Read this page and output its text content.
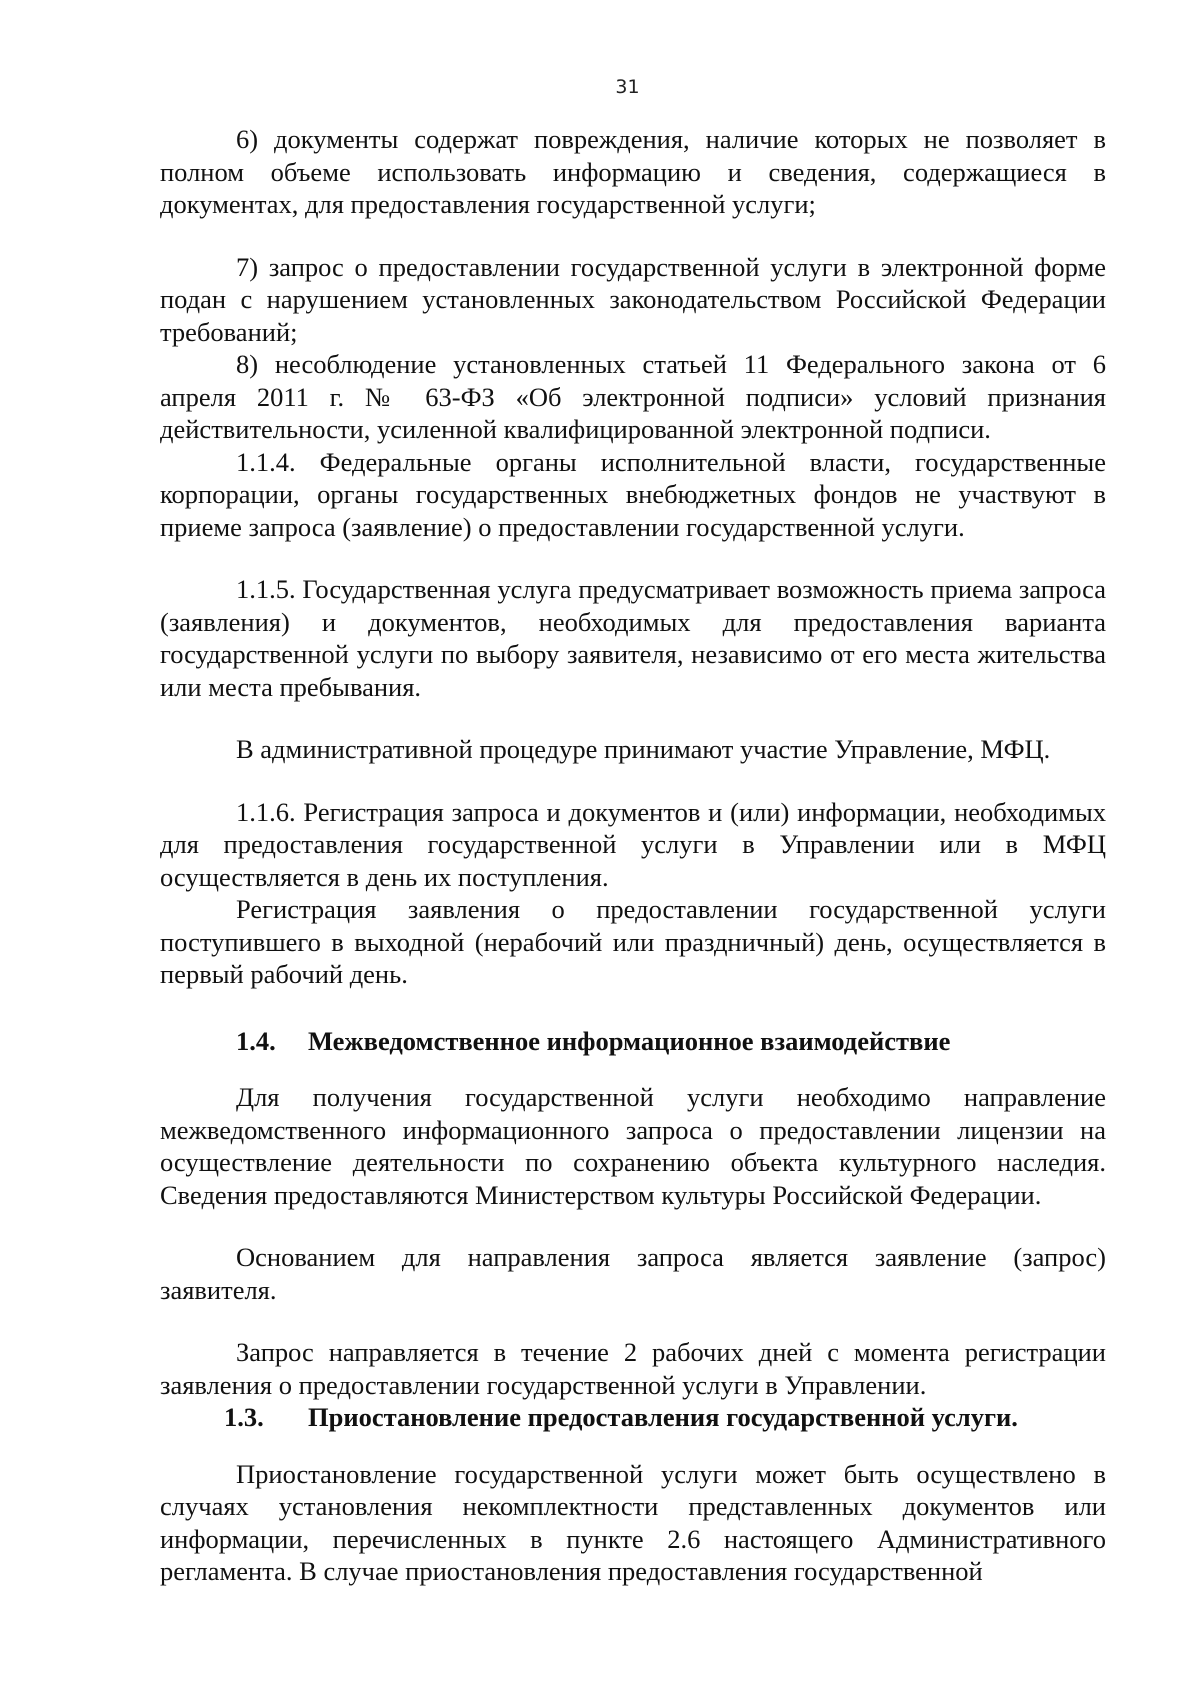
31

6) документы содержат повреждения, наличие которых не позволяет в полном объеме использовать информацию и сведения, содержащиеся в документах, для предоставления государственной услуги;

7) запрос о предоставлении государственной услуги в электронной форме подан с нарушением установленных законодательством Российской Федерации требований;

8) несоблюдение установленных статьей 11 Федерального закона от 6 апреля 2011 г. № 63-ФЗ «Об электронной подписи» условий признания действительности, усиленной квалифицированной электронной подписи.

1.1.4. Федеральные органы исполнительной власти, государственные корпорации, органы государственных внебюджетных фондов не участвуют в приеме запроса (заявление) о предоставлении государственной услуги.

1.1.5. Государственная услуга предусматривает возможность приема запроса (заявления) и документов, необходимых для предоставления варианта государственной услуги по выбору заявителя, независимо от его места жительства или места пребывания.

В административной процедуре принимают участие Управление, МФЦ.

1.1.6. Регистрация запроса и документов и (или) информации, необходимых для предоставления государственной услуги в Управлении или в МФЦ осуществляется в день их поступления.

Регистрация заявления о предоставлении государственной услуги поступившего в выходной (нерабочий или праздничный) день, осуществляется в первый рабочий день.

1.4.	Межведомственное информационное взаимодействие

Для получения государственной услуги необходимо направление межведомственного информационного запроса о предоставлении лицензии на осуществление деятельности по сохранению объекта культурного наследия. Сведения предоставляются Министерством культуры Российской Федерации.

Основанием для направления запроса является заявление (запрос) заявителя.

Запрос направляется в течение 2 рабочих дней с момента регистрации заявления о предоставлении государственной услуги в Управлении.

1.3.	Приостановление предоставления государственной услуги.

Приостановление государственной услуги может быть осуществлено в случаях установления некомплектности представленных документов или информации, перечисленных в пункте 2.6 настоящего Административного регламента. В случае приостановления предоставления государственной
